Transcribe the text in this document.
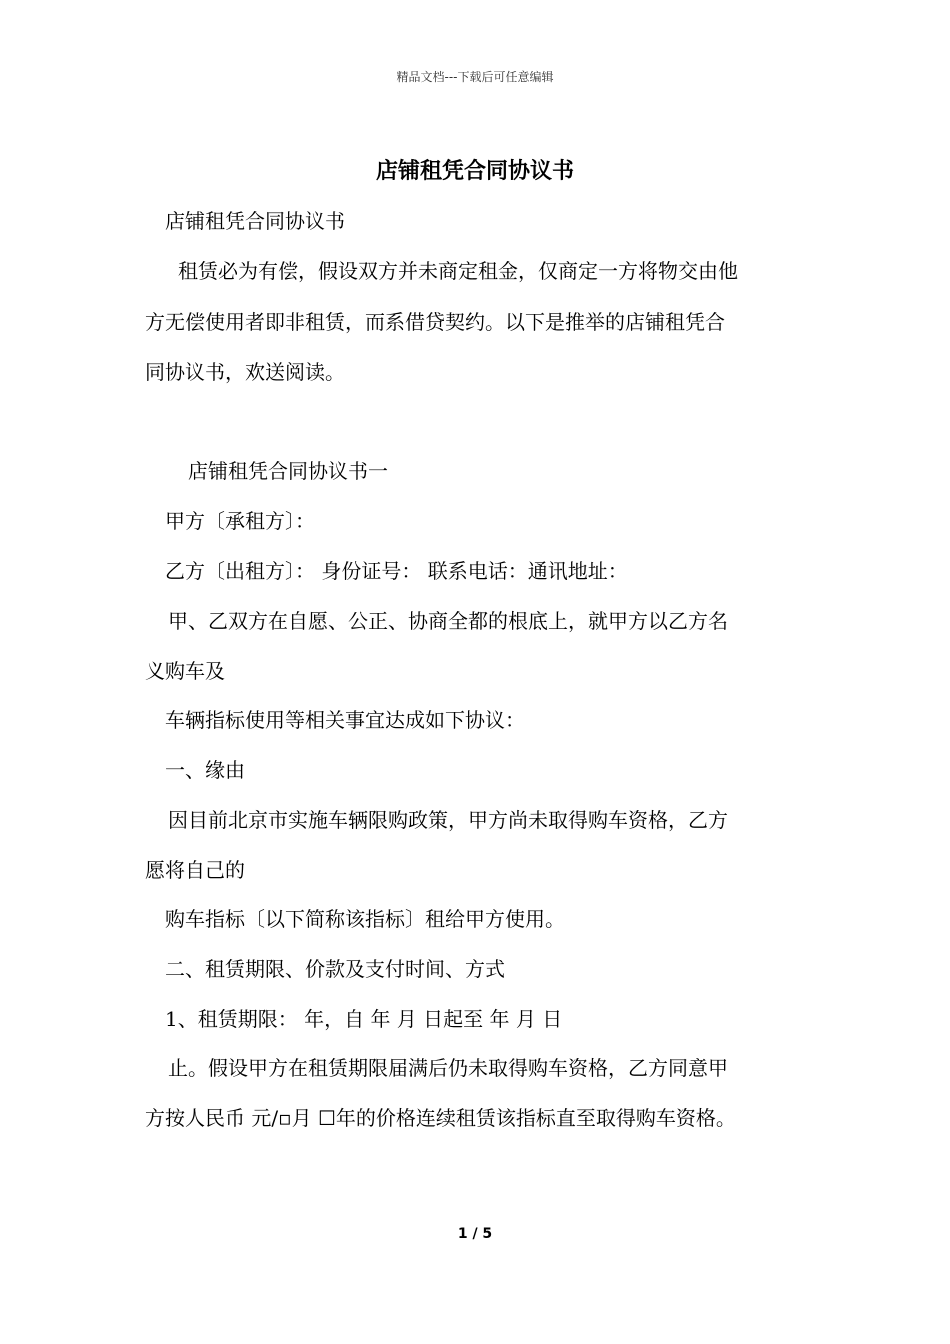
精品文档---下载后可任意编辑
店铺租凭合同协议书
店铺租凭合同协议书
租赁必为有偿，假设双方并未商定租金，仅商定一方将物交由他
方无偿使用者即非租赁，而系借贷契约。以下是推举的店铺租凭合
同协议书，欢送阅读。
店铺租凭合同协议书一
甲方〔承租方〕：
乙方〔出租方〕： 身份证号： 联系电话：通讯地址：
甲、乙双方在自愿、公正、协商全都的根底上，就甲方以乙方名
义购车及
车辆指标使用等相关事宜达成如下协议：
一、缘由
因目前北京市实施车辆限购政策，甲方尚未取得购车资格，乙方
愿将自己的
购车指标〔以下简称该指标〕租给甲方使用。
二、租赁期限、价款及支付时间、方式
1、租赁期限： 年，自 年 月 日起至 年 月 日
止。假设甲方在租赁期限届满后仍未取得购车资格，乙方同意甲
方按人民币 元/▫月 ☐年的价格连续租赁该指标直至取得购车资格。
1 / 5
